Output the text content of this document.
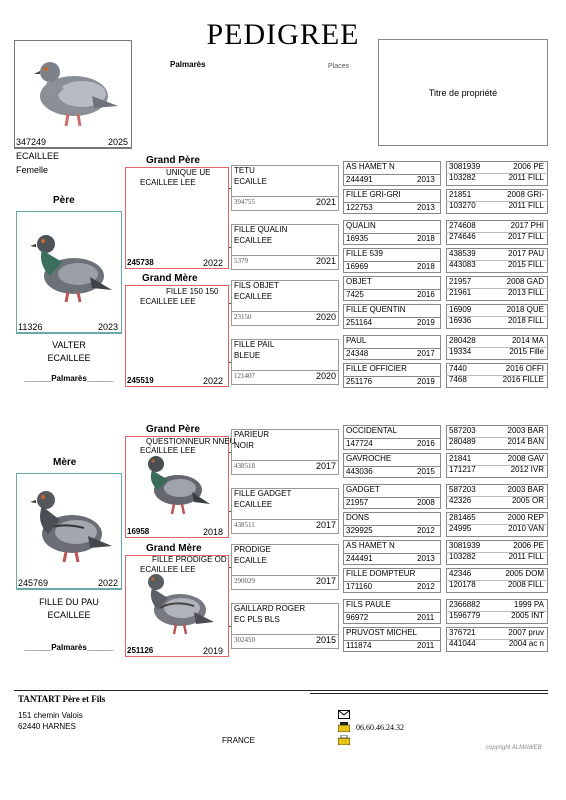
PEDIGREE
347249	2025
ECAILLEE
Femelle
Palmarès	Places
Titre de propriété
Père
11326	2023
VALTER
ECAILLEE
______Palmarès______
Grand Père
UNIQUE UE
ECAILLEE LEE
245738	2022
Grand Mère
FILLE 150 150
ECAILLEE LEE
245519	2022
TETU
ECAILLE
394755	2021
FILLE QUALIN
ECAILLEE
5379	2021
FILS OBJET
ECAILLEE
23150	2020
FILLE PAIL
BLEUE
121407	2020
AS HAMET N
244491	2013
FILLE GRI-GRI
122753	2013
QUALIN
16935	2018
FILLE 539
16969	2018
OBJET
7425	2016
FILLE QUENTIN
251164	2019
PAUL
24348	2017
FILLE OFFICIER
251176	2019
3081939	2006 PE
103282	2011 FILL
21851	2008 GRI-
103270	2011 FILL
274608	2017 PHI
274646	2017 FILL
438539	2017 PAU
443083	2015 FILL
21957	2008 GAD
21961	2013 FILL
16909	2018 QUE
16936	2018 FILL
280428	2014 MA
19334	2015 Fille
7440	2016 OFFI
7468	2016 FILLE
Mère
245769	2022
FILLE DU PAU
ECAILLEE
______Palmarès______
Grand Père
QUESTIONNEUR NNEU
ECAILLEE LEE
16958	2018
Grand Mère
FILLE PRODIGE OD
ECAILLEE LEE
251126	2019
PARIEUR
NOIR
438518	2017
FILLE GADGET
ECAILLEE
438511	2017
PRODIGE
ECAILLE
290029	2017
GAILLARD ROGER
EC PLS BLS
302450	2015
OCCIDENTAL
147724	2016
GAVROCHE
443036	2015
GADGET
21957	2008
DONS
329925	2012
AS HAMET N
244491	2013
FILLE DOMPTEUR
171160	2012
FILS PAULE
96972	2011
PRUVOST MICHEL
111874	2011
587203	2003 BAR
280489	2014 BAN
21841	2008 GAV
171217	2012 IVR
587203	2003 BAR
42326	2005 OR
281465	2000 REP
24995	2010 VAN
3081939	2006 PE
103282	2011 FILL
42346	2005 DOM
120178	2008 FILL
2366882	1999 PA
1596779	2005 INT
376721	2007 pruv
441044	2004 ac n
TANTART Père et Fils
151 chemin Valois
62440 HARNES
FRANCE
06.60.46.24.32
copyright ALMAWEB
